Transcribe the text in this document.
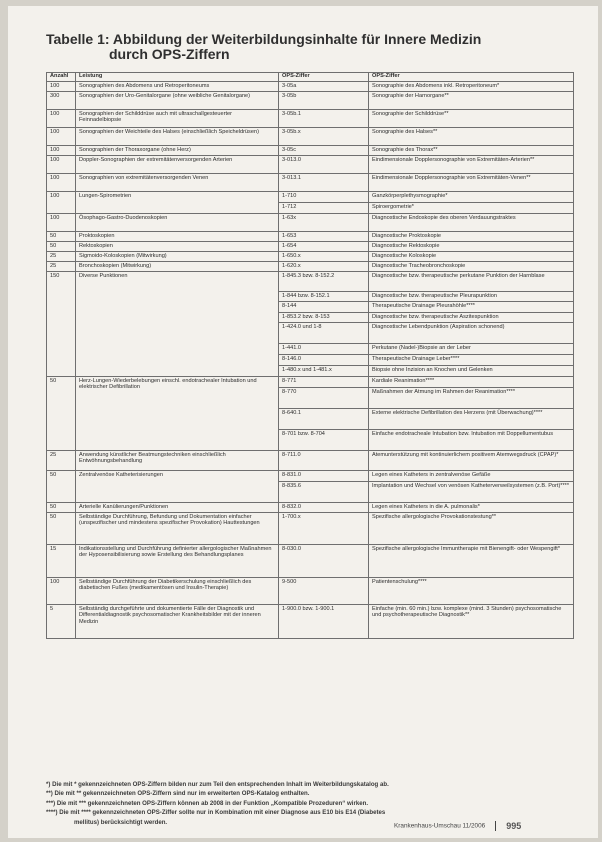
Tabelle 1: Abbildung der Weiterbildungsinhalte für Innere Medizin
durch OPS-Ziffern
Anzahl	Leistung	OPS-Ziffer	OPS-Ziffer
100	Sonographien des Abdomens und Retroperitoneums	3-05a	Sonographie des Abdomens inkl. Retroperitoneum*
300	Sonographien der Uro-Genitalorgane (ohne weibliche Genitalorgane)	3-05b	Sonographie der Harnorgane**
100	Sonographien der Schilddrüse auch mit ultraschallgesteuerter Feinnadelbiopsie	3-05b.1	Sonographie der Schilddrüse**
100	Sonographien der Weichteile des Halses (einschließlich Speicheldrüsen)	3-05b.x	Sonographie des Halses**
100	Sonographien der Thoraxorgane (ohne Herz)	3-05c	Sonographie des Thorax**
100	Doppler-Sonographien der extremitätenversorgenden Arterien	3-013.0	Eindimensionale Dopplersonographie von Extremitäten-Arterien**
100	Sonographien von extremitätenversorgenden Venen	3-013.1	Eindimensionale Dopplersonographie von Extremitäten-Venen**
100	Lungen-Spirometrien	1-710	Ganzkörperplethysmographie*
		1-712	Spiroergometrie*
100	Ösophago-Gastro-Duodenoskopien	1-63x	Diagnostische Endoskopie des oberen Verdauungstraktes
50	Proktoskopien	1-653	Diagnostische Proktoskopie
50	Rektoskopien	1-654	Diagnostische Rektoskopie
25	Sigmoido-Koloskopien (Mitwirkung)	1-650.x	Diagnostische Koloskopie
25	Bronchoskopien (Mitwirkung)	1-620.x	Diagnostische Tracheobronchoskopie
150	Diverse Punktionen	1-845.3 bzw. 8-152.2	Diagnostische bzw. therapeutische perkutane Punktion der Harnblase
		1-844 bzw. 8-152.1	Diagnostische bzw. therapeutische Pleurapunktion
		8-144	Therapeutische Drainage Pleurahöhle****
		1-853.2 bzw. 8-153	Diagnostische bzw. therapeutische Aszitespunktion
		1-424.0 und 1-8	Diagnostische Lebendpunktion (Aspiration schonend)
		1-441.0	Perkutane (Nadel-)Biopsie an der Leber
		8-146.0	Therapeutische Drainage Leber****
		1-480.x und 1-481.x	Biopsie ohne Inzision an Knochen und Gelenken
50	Herz-Lungen-Wiederbelebungen einschl. endotrachealer Intubation und elektrischer Defibrillation	8-771	Kardiale Reanimation****
		8-770	Maßnahmen der Atmung im Rahmen der Reanimation****
		8-640.1	Externe elektrische Defibrillation des Herzens (mit Überwachung)****
		8-701 bzw. 8-704	Einfache endotracheale Intubation bzw. Intubation mit Doppellumentubus
25	Anwendung künstlicher Beatmungstechniken einschließlich Entwöhnungsbehandlung	8-711.0	Atemunterstützung mit kontinuierlichem positivem Atemwegsdruck (CPAP)*
50	Zentralvenöse Katheterisierungen	8-831.0	Legen eines Katheters in zentralvenöse Gefäße
		8-835.6	Implantation und Wechsel von venösen Katheterverweilsystemen (z.B. Port)****
50	Arterielle Kanülierungen/Punktionen	8-832.0	Legen eines Katheters in die A. pulmonalis*
50	Selbständige Durchführung, Befundung und Dokumentation einfacher (unspezifischer und mindestens spezifischer Provokation) Hauttestungen	1-700.x	Spezifische allergologische Provokationstestung**
15	Indikationsstellung und Durchführung definierter allergologischer Maßnahmen der Hyposensibilisierung sowie Erstellung des Behandlungsplanes	8-030.0	Spezifische allergologische Immuntherapie mit Bienengift- oder Wespengift*
100	Selbständige Durchführung der Diabetikerschulung einschließlich des diabetischen Fußes (medikamentösen und Insulin-Therapie)	9-500	Patientenschulung****
5	Selbständig durchgeführte und dokumentierte Fälle der Diagnostik und Differentialdiagnostik psychosomatischer Krankheitsbilder mit der inneren Medizin	1-900.0 bzw. 1-900.1	Einfache (min. 60 min.) bzw. komplexe (mind. 3 Stunden) psychosomatische und psychotherapeutische Diagnostik**
*) Die mit * gekennzeichneten OPS-Ziffern bilden nur zum Teil den entsprechenden Inhalt im Weiterbildungskatalog ab.
**) Die mit ** gekennzeichneten OPS-Ziffern sind nur im erweiterten OPS-Katalog enthalten.
***) Die mit *** gekennzeichneten OPS-Ziffern können ab 2008 in der Funktion „Kompatible Prozeduren“ wirken.
****) Die mit **** gekennzeichneten OPS-Ziffer sollte nur in Kombination mit einer Diagnose aus E10 bis E14 (Diabetes
mellitus) berücksichtigt werden.
Krankenhaus-Umschau 11/2006 995
